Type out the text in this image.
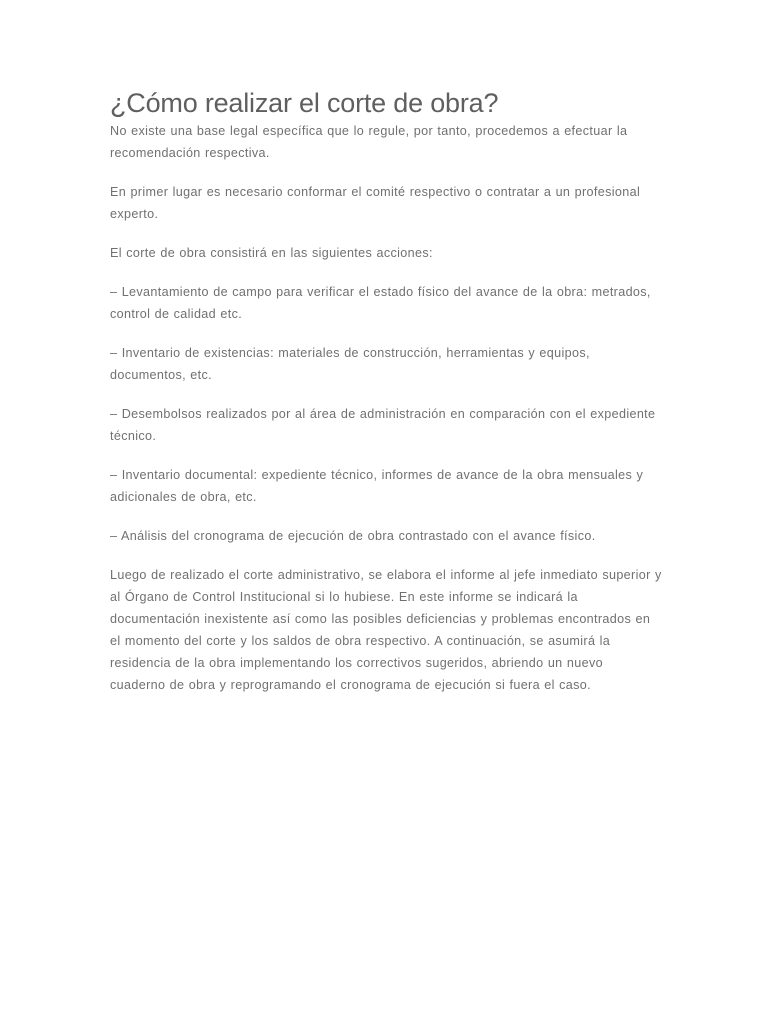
¿Cómo realizar el corte de obra?

No existe una base legal específica que lo regule, por tanto, procedemos a efectuar la recomendación respectiva.

En primer lugar es necesario conformar el comité respectivo o contratar a un profesional experto.

El corte de obra consistirá en las siguientes acciones:

– Levantamiento de campo para verificar el estado físico del avance de la obra: metrados, control de calidad etc.

– Inventario de existencias: materiales de construcción, herramientas y equipos, documentos, etc.

– Desembolsos realizados por al área de administración en comparación con el expediente técnico.

– Inventario documental: expediente técnico, informes de avance de la obra mensuales y adicionales de obra, etc.

– Análisis del cronograma de ejecución de obra contrastado con el avance físico.

Luego de realizado el corte administrativo, se elabora el informe al jefe inmediato superior y al Órgano de Control Institucional si lo hubiese. En este informe se indicará la documentación inexistente así como las posibles deficiencias y problemas encontrados en el momento del corte y los saldos de obra respectivo. A continuación, se asumirá la residencia de la obra implementando los correctivos sugeridos, abriendo un nuevo cuaderno de obra y reprogramando el cronograma de ejecución si fuera el caso.
